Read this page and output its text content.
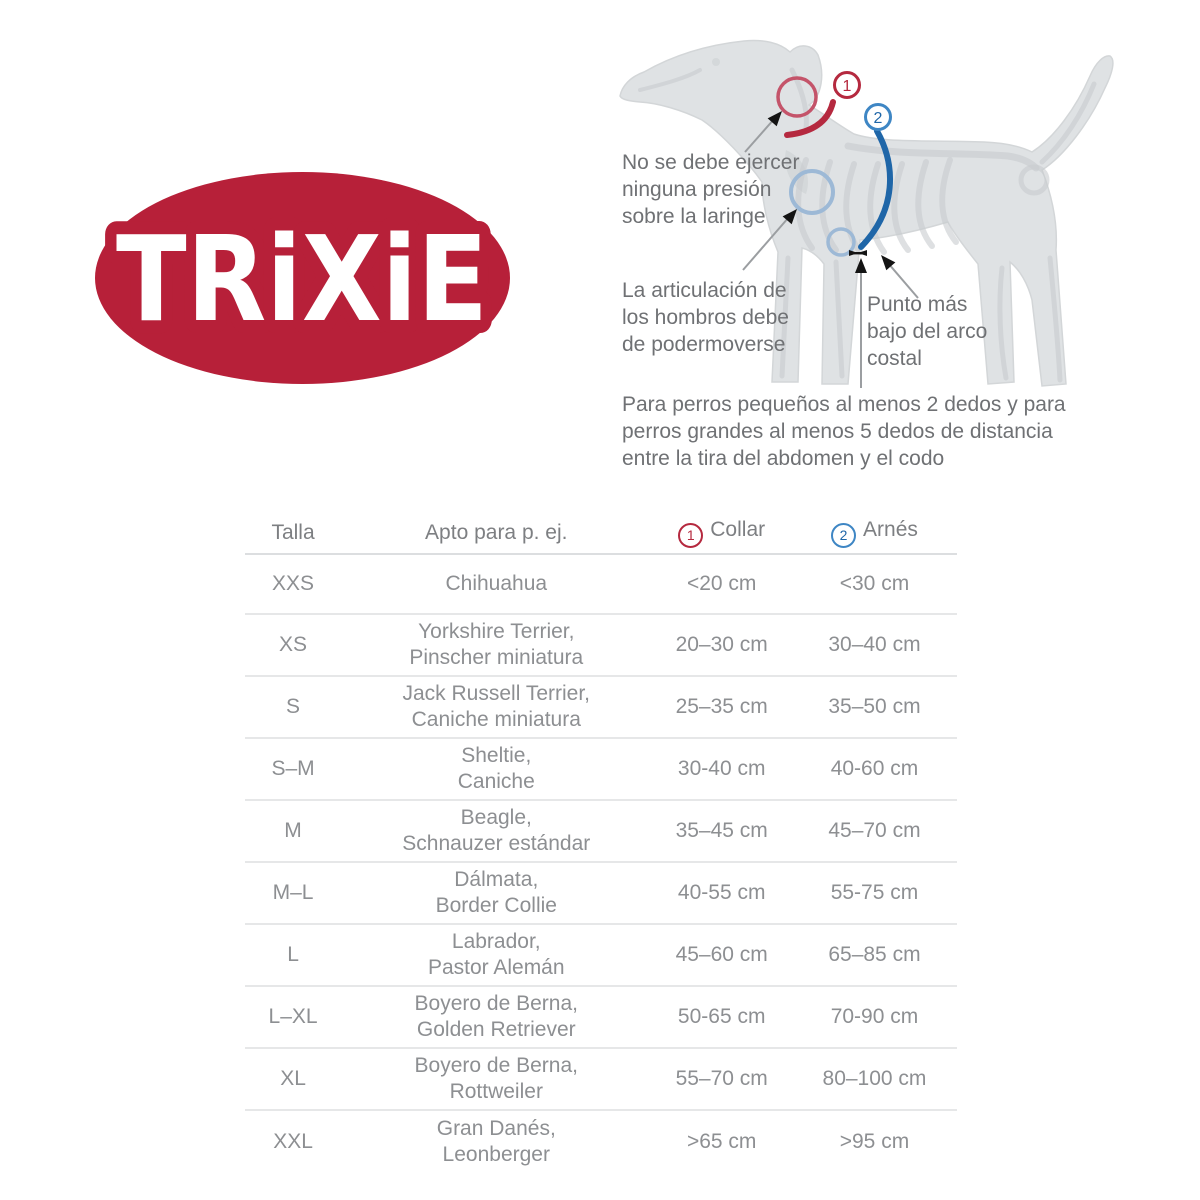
TRiXiE
1
2
No se debe ejercer
ninguna presión
sobre la laringe
La articulación de
los hombros debe
de podermoverse
Punto más
bajo del arco
costal
Para perros pequeños al menos 2 dedos y para
perros grandes al menos 5 dedos de distancia
entre la tira del abdomen y el codo
Talla	Apto para p. ej.	1 Collar	2 Arnés
XXS	Chihuahua	<20 cm	<30 cm
XS	Yorkshire Terrier,
Pinscher miniatura	20–30 cm	30–40 cm
S	Jack Russell Terrier,
Caniche miniatura	25–35 cm	35–50 cm
S–M	Sheltie,
Caniche	30-40 cm	40-60 cm
M	Beagle,
Schnauzer estándar	35–45 cm	45–70 cm
M–L	Dálmata,
Border Collie	40-55 cm	55-75 cm
L	Labrador,
Pastor Alemán	45–60 cm	65–85 cm
L–XL	Boyero de Berna,
Golden Retriever	50-65 cm	70-90 cm
XL	Boyero de Berna,
Rottweiler	55–70 cm	80–100 cm
XXL	Gran Danés,
Leonberger	>65 cm	>95 cm
